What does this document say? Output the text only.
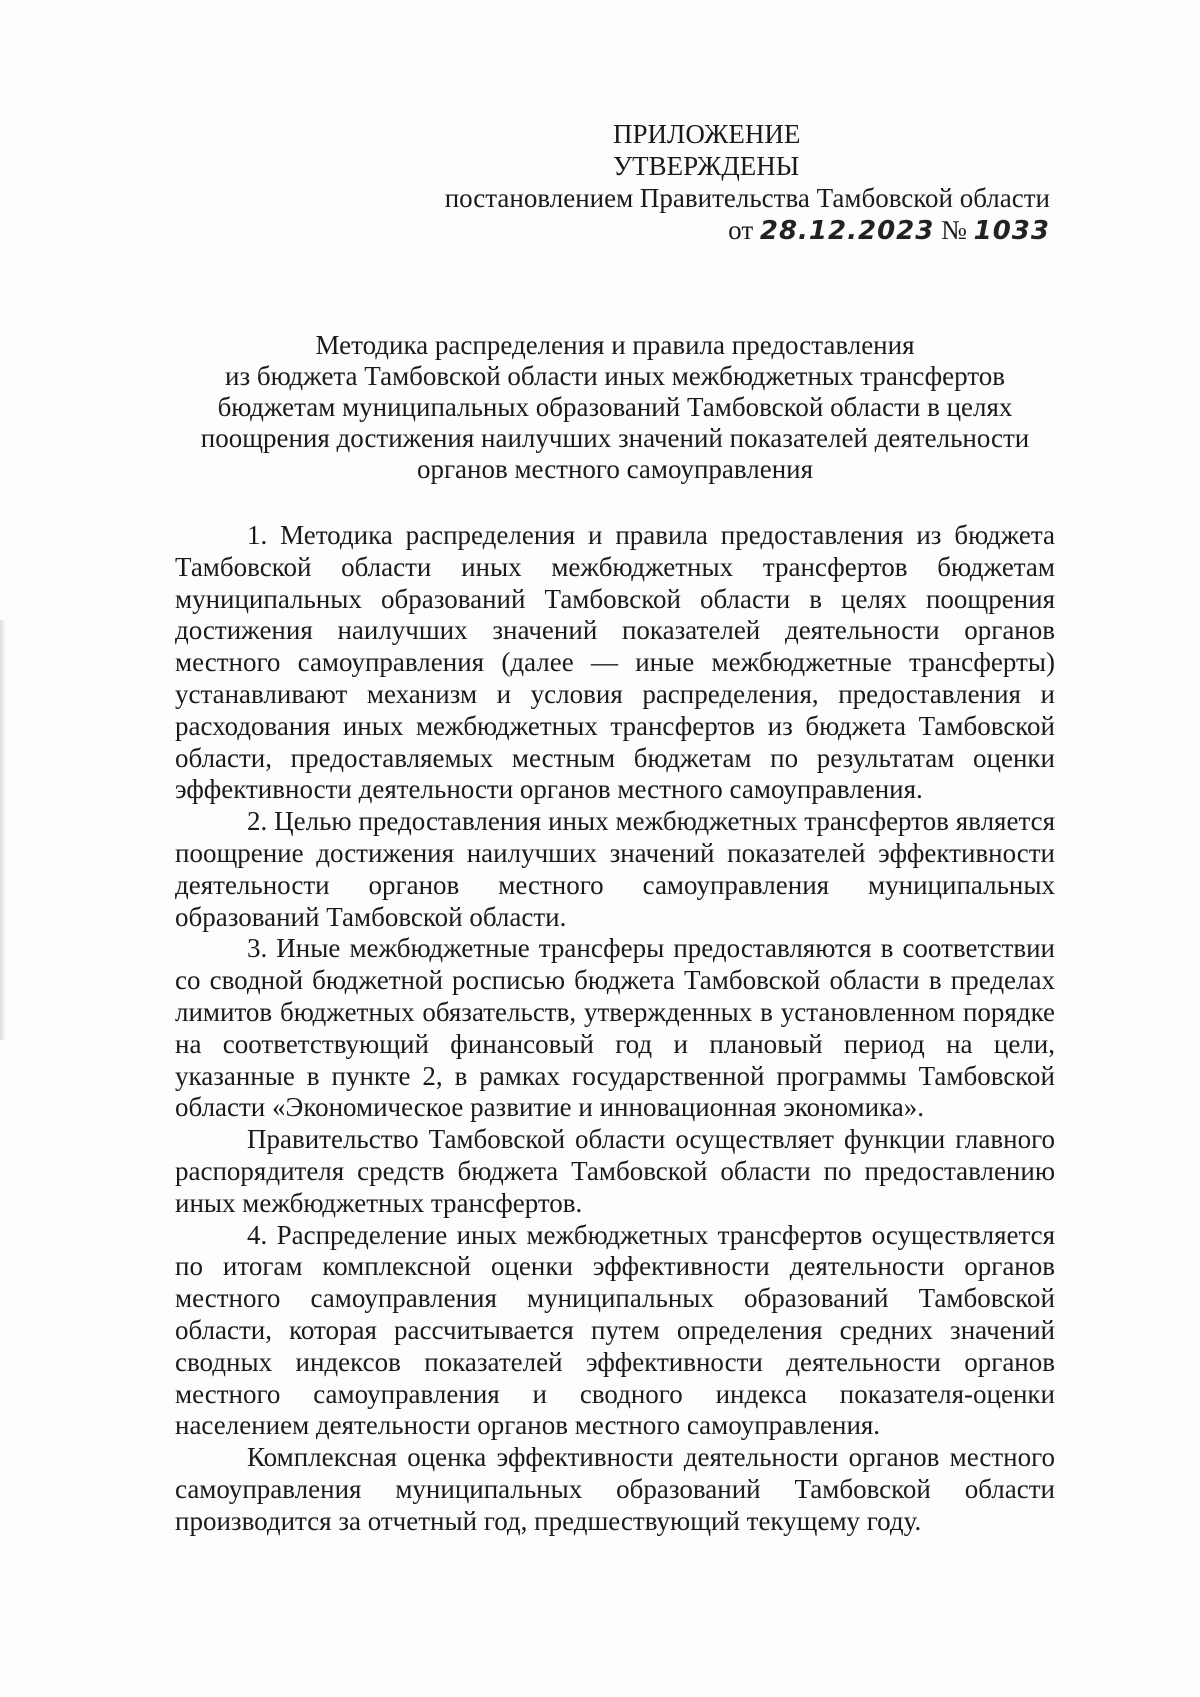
ПРИЛОЖЕНИЕ
УТВЕРЖДЕНЫ
постановлением Правительства Тамбовской области
от 28.12.2023 № 1033
Методика распределения и правила предоставления
из бюджета Тамбовской области иных межбюджетных трансфертов
бюджетам муниципальных образований Тамбовской области в целях
поощрения достижения наилучших значений показателей деятельности
органов местного самоуправления

1. Методика распределения и правила предоставления из бюджета Тамбовской области иных межбюджетных трансфертов бюджетам муниципальных образований Тамбовской области в целях поощрения достижения наилучших значений показателей деятельности органов местного самоуправления (далее — иные межбюджетные трансферты) устанавливают механизм и условия распределения, предоставления и расходования иных межбюджетных трансфертов из бюджета Тамбовской области, предоставляемых местным бюджетам по результатам оценки эффективности деятельности органов местного самоуправления.

2. Целью предоставления иных межбюджетных трансфертов является поощрение достижения наилучших значений показателей эффективности деятельности органов местного самоуправления муниципальных образований Тамбовской области.

3. Иные межбюджетные трансферы предоставляются в соответствии со сводной бюджетной росписью бюджета Тамбовской области в пределах лимитов бюджетных обязательств, утвержденных в установленном порядке на соответствующий финансовый год и плановый период на цели, указанные в пункте 2, в рамках государственной программы Тамбовской области «Экономическое развитие и инновационная экономика».

Правительство Тамбовской области осуществляет функции главного распорядителя средств бюджета Тамбовской области по предоставлению иных межбюджетных трансфертов.

4. Распределение иных межбюджетных трансфертов осуществляется по итогам комплексной оценки эффективности деятельности органов местного самоуправления муниципальных образований Тамбовской области, которая рассчитывается путем определения средних значений сводных индексов показателей эффективности деятельности органов местного самоуправления и сводного индекса показателя-оценки населением деятельности органов местного самоуправления.

Комплексная оценка эффективности деятельности органов местного самоуправления муниципальных образований Тамбовской области производится за отчетный год, предшествующий текущему году.
